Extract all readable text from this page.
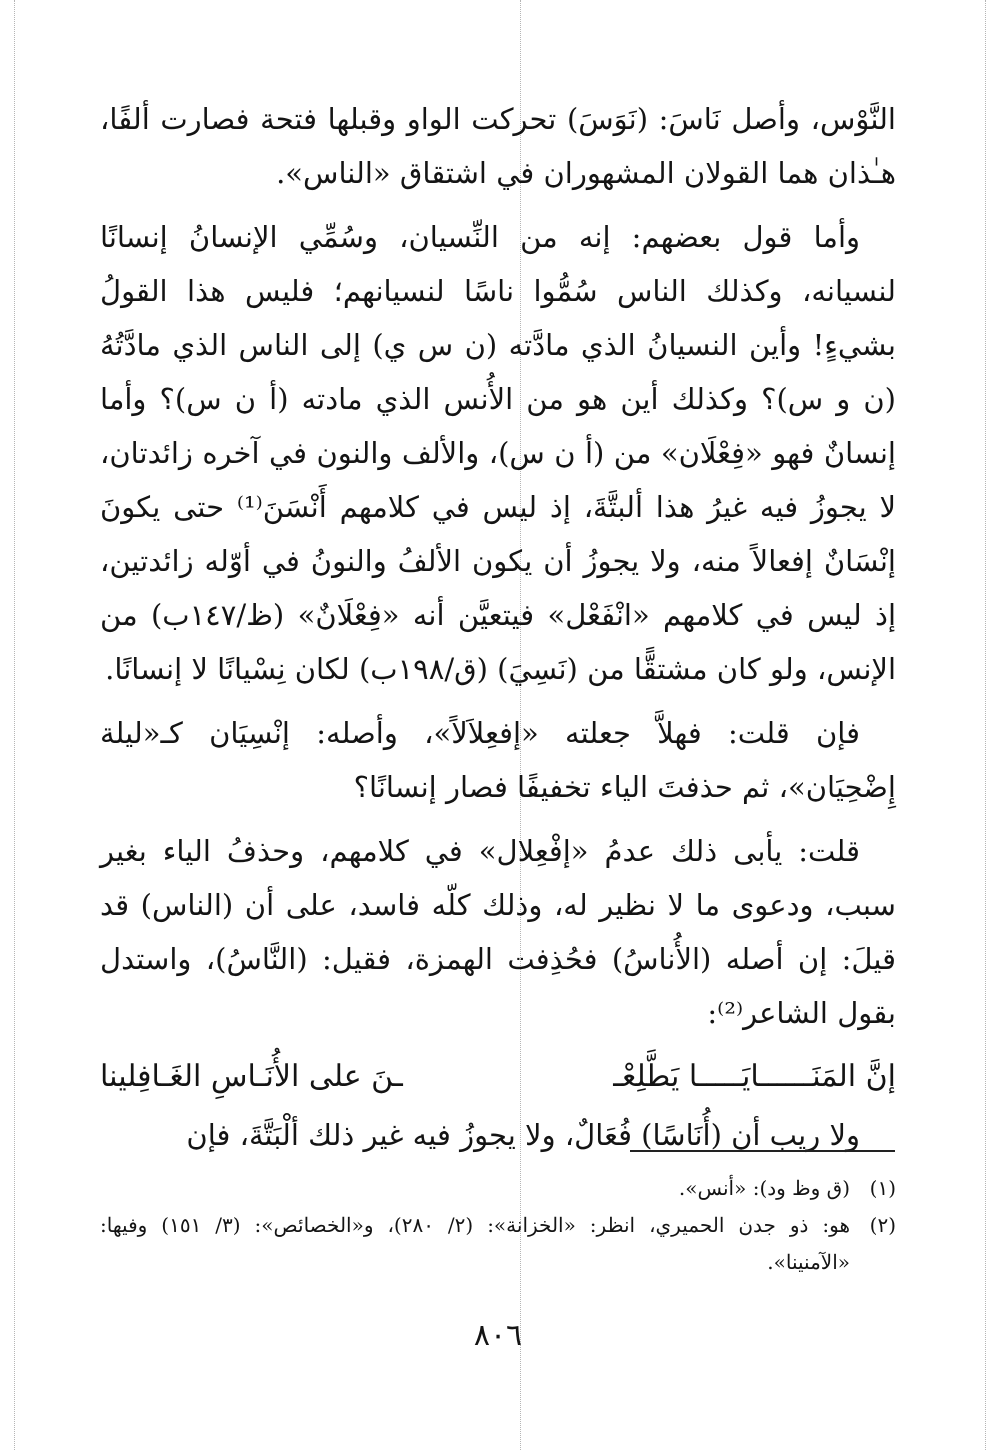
النَّوْس، وأصل نَاسَ: (نَوَسَ) تحركت الواو وقبلها فتحة فصارت ألفًا، هـٰذان هما القولان المشهوران في اشتقاق «الناس».

وأما قول بعضهم: إنه من النِّسيان، وسُمِّي الإنسانُ إنسانًا لنسيانه، وكذلك الناس سُمُّوا ناسًا لنسيانهم؛ فليس هذا القولُ بشيءٍ! وأين النسيانُ الذي مادَّته (ن س ي) إلى الناس الذي مادَّتُهُ (ن و س)؟ وكذلك أين هو من الأُنس الذي مادته (أ ن س)؟ وأما إنسانٌ فهو «فِعْلَان» من (أ ن س)، والألف والنون في آخره زائدتان، لا يجوزُ فيه غيرُ هذا ألبتَّةَ، إذ ليس في كلامهم أَنْسَنَ⁽¹⁾ حتى يكونَ إنْسَانٌ إفعالاً منه، ولا يجوزُ أن يكون الألفُ والنونُ في أوّله زائدتين، إذ ليس في كلامهم «انْفَعْل» فيتعيَّن أنه «فِعْلَانٌ» (ظ/١٤٧ب) من الإنس، ولو كان مشتقًّا من (نَسِيَ) (ق/١٩٨ب) لكان نِسْيانًا لا إنسانًا.

فإن قلت: فهلاَّ جعلته «إفعِلاَلاً»، وأصله: إنْسِيَان كـ«ليلة إِضْحِيَان»، ثم حذفتَ الياء تخفيفًا فصار إنسانًا؟

قلت: يأبى ذلك عدمُ «إفْعِلال» في كلامهم، وحذفُ الياء بغير سبب، ودعوى ما لا نظير له، وذلك كلّه فاسد، على أن (الناس) قد قيلَ: إن أصله (الأُناسُ) فحُذِفت الهمزة، فقيل: (النَّاسُ)، واستدل بقول الشاعر⁽²⁾:

إنَّ المَنَــــــايَـــــا يَطَّلِعْـ
ـنَ على الأُنَـاسِ الغَـافِلينا

ولا ريب أن (أُنَاسًا) فُعَالٌ، ولا يجوزُ فيه غير ذلك ألْبَتَّةَ، فإن

(١)
(ق وظ ود): «أنس».
(٢)
هو: ذو جدن الحميري، انظر: «الخزانة»: (٢/ ٢٨٠)، و«الخصائص»: (٣/ ١٥١) وفيها: «الآمنينا».
٨٠٦
